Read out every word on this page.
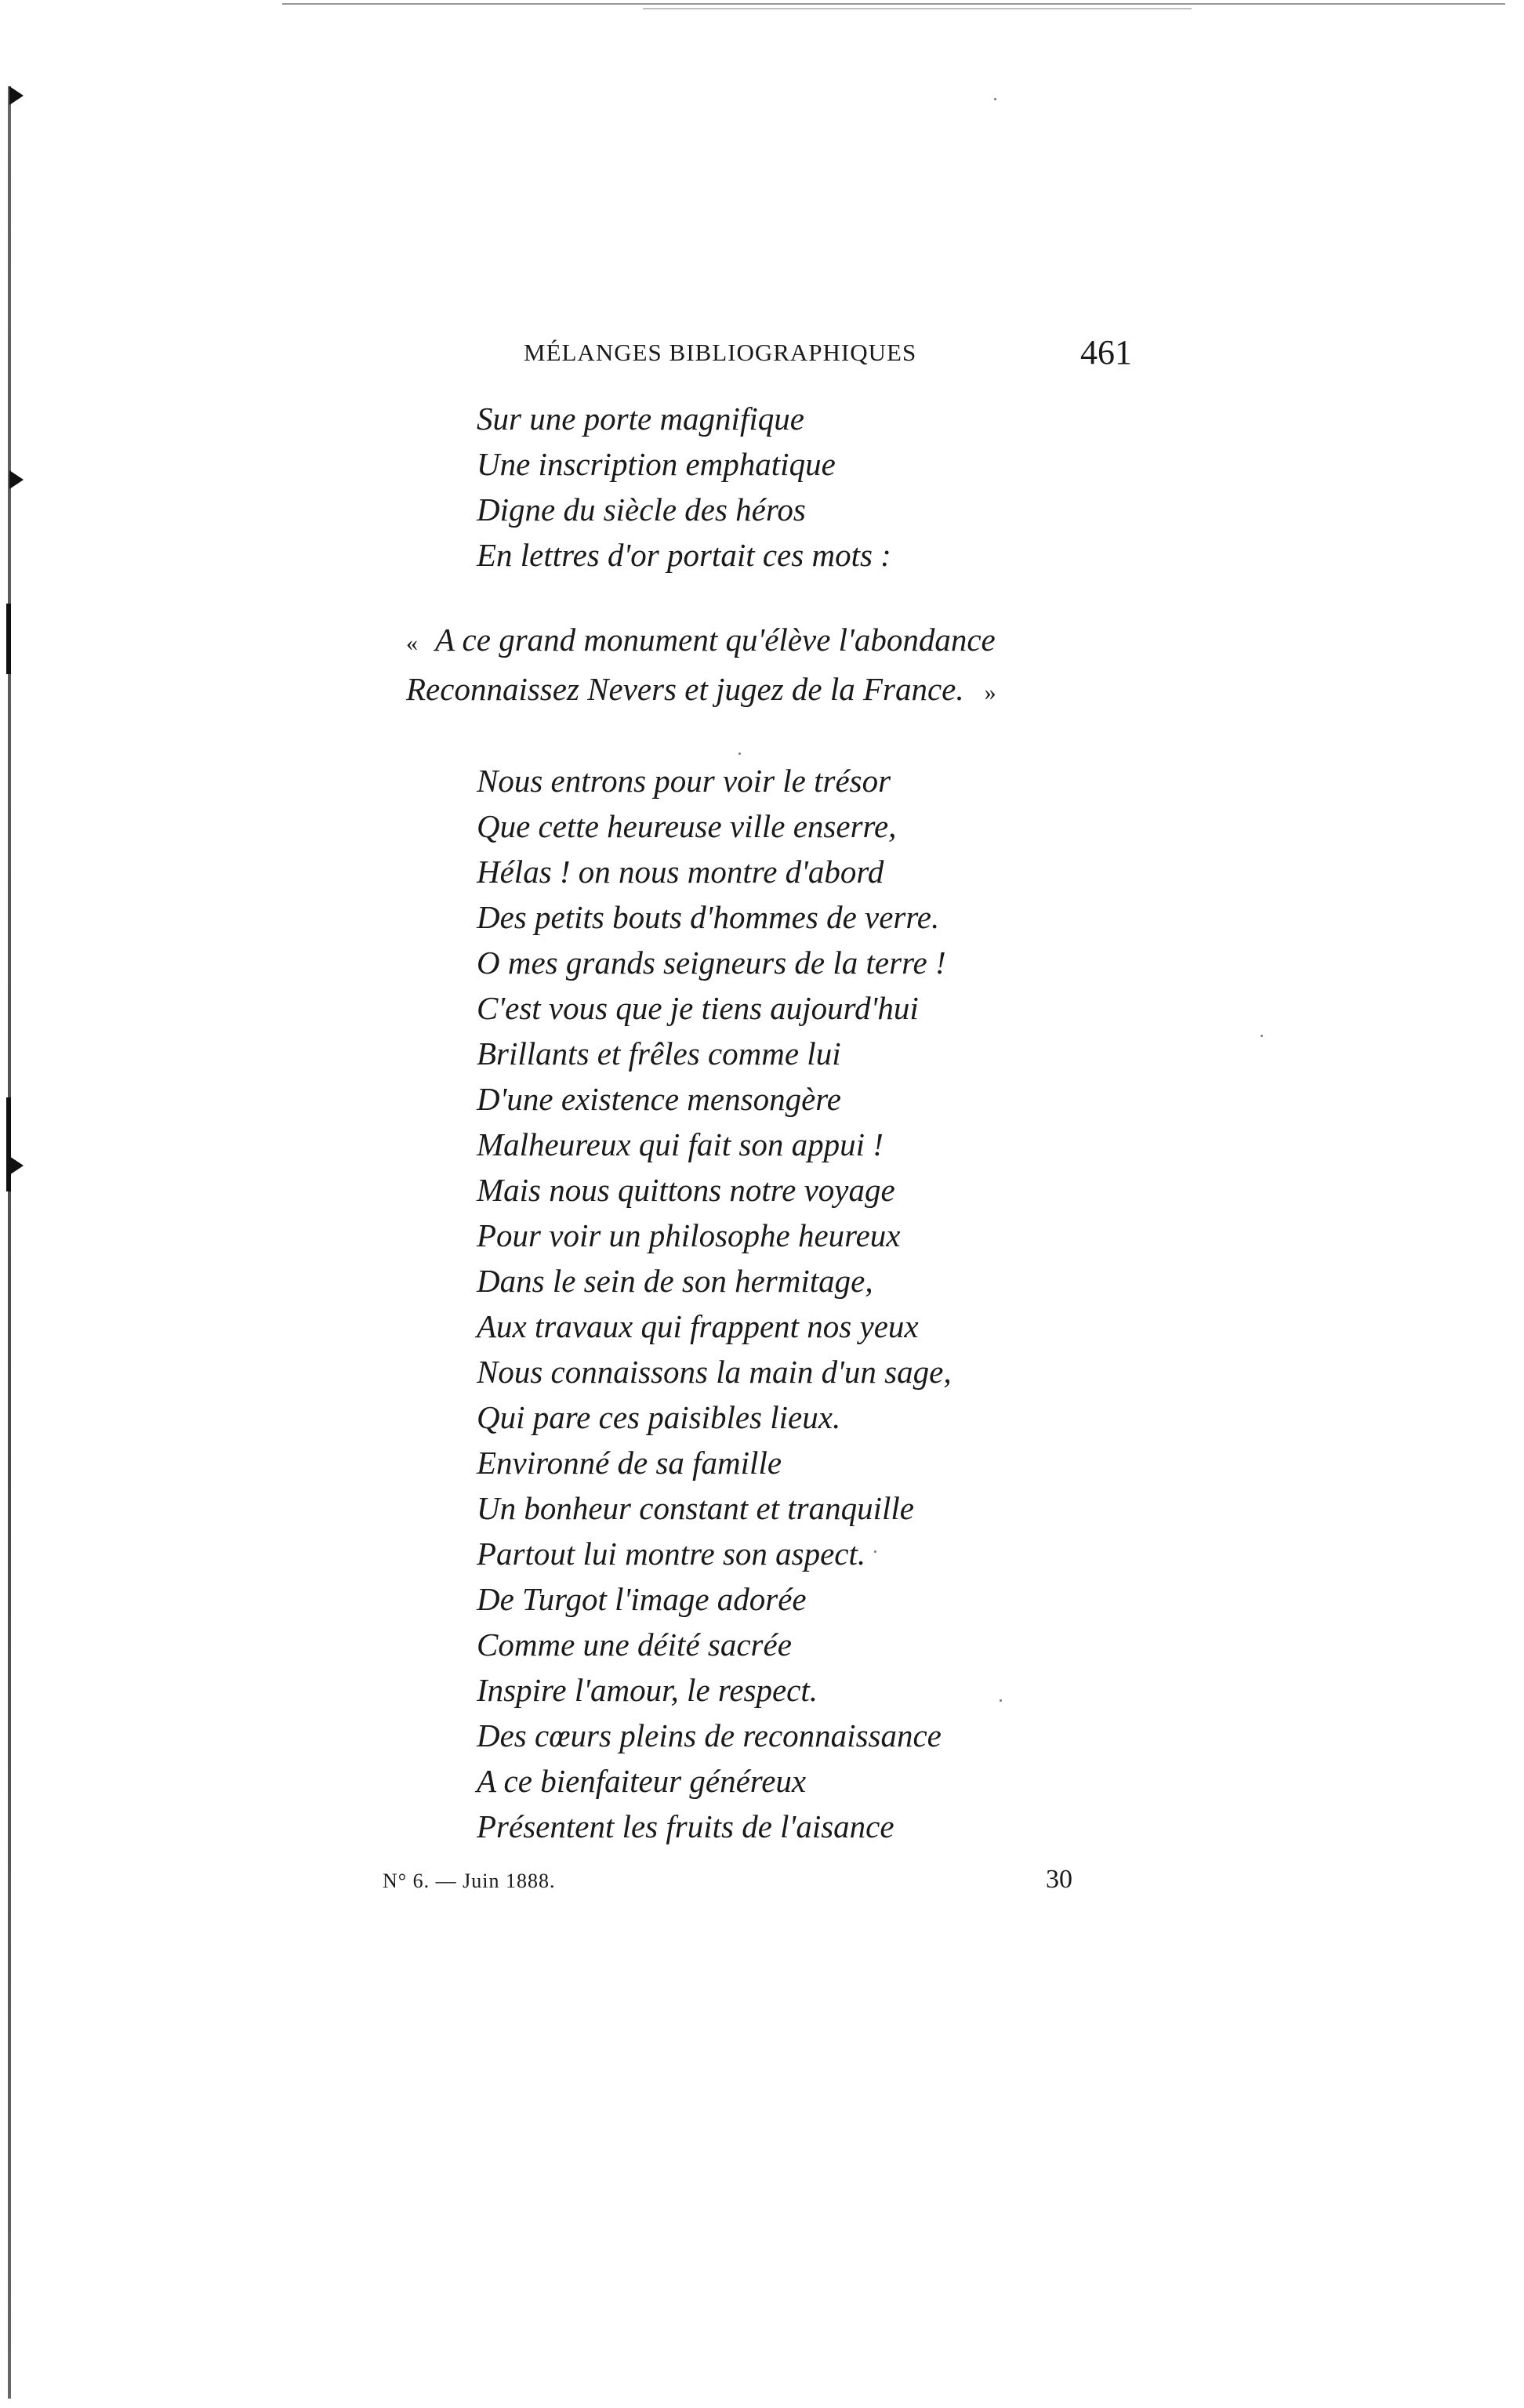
MÉLANGES BIBLIOGRAPHIQUES	461
Sur une porte magnifique
Une inscription emphatique
Digne du siècle des héros
En lettres d'or portait ces mots :
« A ce grand monument qu'élève l'abondance
Reconnaissez Nevers et jugez de la France. »
Nous entrons pour voir le trésor
Que cette heureuse ville enserre,
Hélas ! on nous montre d'abord
Des petits bouts d'hommes de verre.
O mes grands seigneurs de la terre !
C'est vous que je tiens aujourd'hui
Brillants et frêles comme lui
D'une existence mensongère
Malheureux qui fait son appui !
Mais nous quittons notre voyage
Pour voir un philosophe heureux
Dans le sein de son hermitage,
Aux travaux qui frappent nos yeux
Nous connaissons la main d'un sage,
Qui pare ces paisibles lieux.
Environné de sa famille
Un bonheur constant et tranquille
Partout lui montre son aspect.
De Turgot l'image adorée
Comme une déité sacrée
Inspire l'amour, le respect.
Des cœurs pleins de reconnaissance
A ce bienfaiteur généreux
Présentent les fruits de l'aisance
N° 6. — Juin 1888.	30
